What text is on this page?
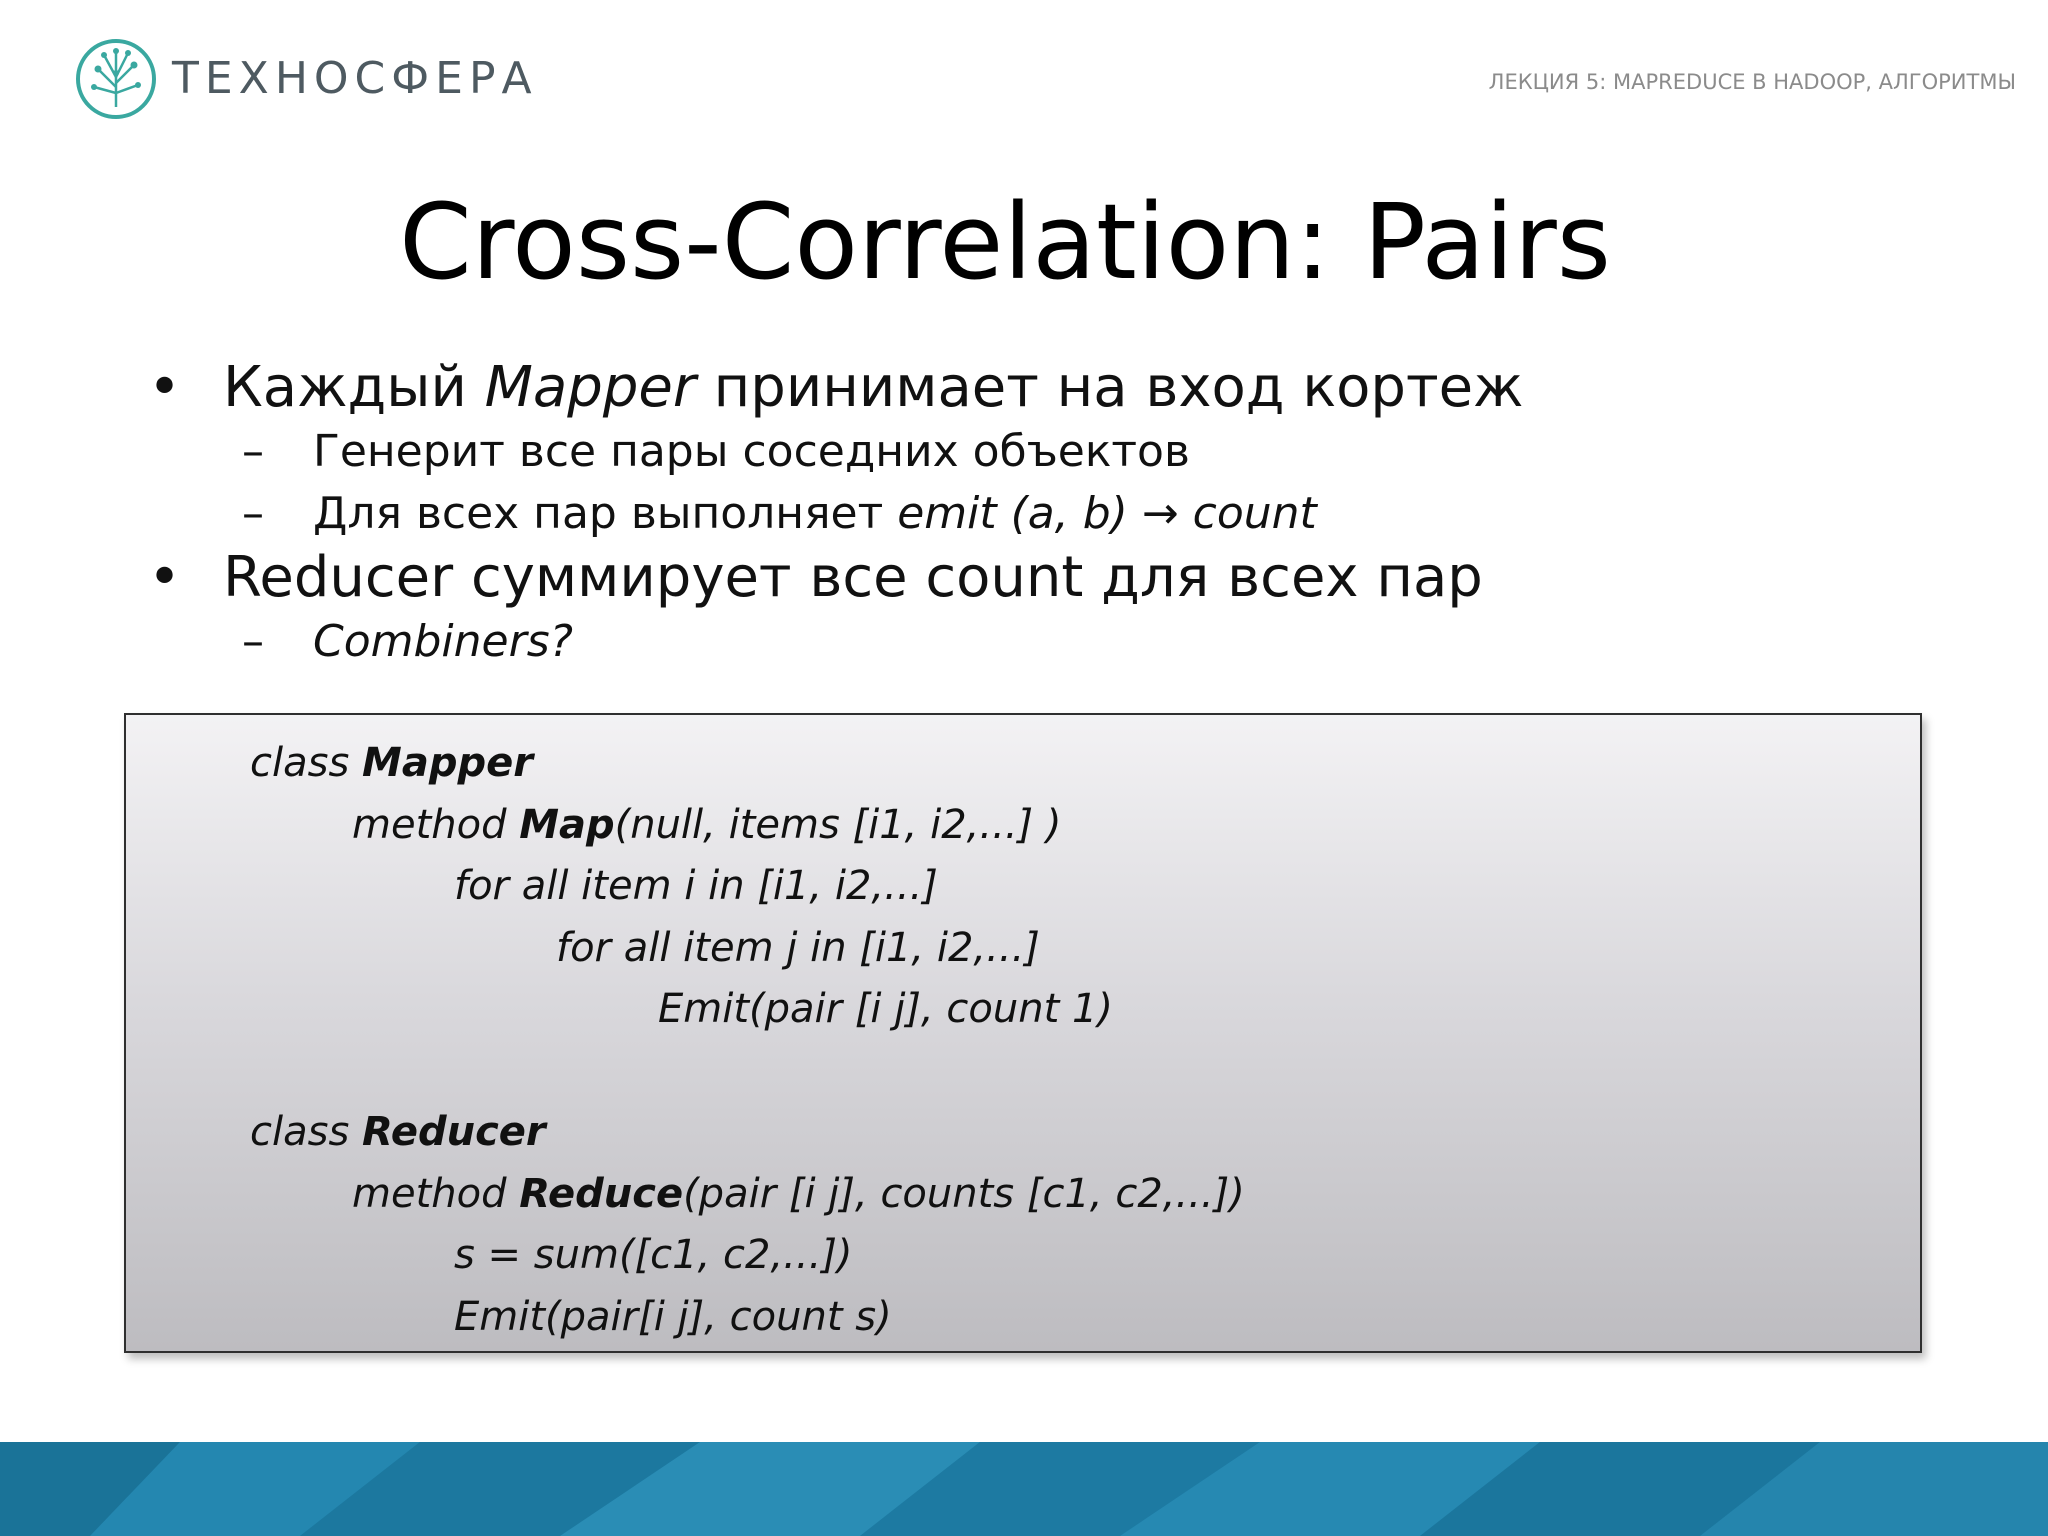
ТЕХНОСФЕРА	ЛЕКЦИЯ 5: MAPREDUCE В HADOOP, АЛГОРИТМЫ
Cross-Correlation: Pairs
• Каждый Mapper принимает на вход кортеж
– Генерит все пары соседних объектов
– Для всех пар выполняет emit (a, b) → count
• Reducer суммирует все count для всех пар
– Combiners?
class Mapper
method Map(null, items [i1, i2,...] )
for all item i in [i1, i2,...]
for all item j in [i1, i2,...]
Emit(pair [i j], count 1)
class Reducer
method Reduce(pair [i j], counts [c1, c2,...])
s = sum([c1, c2,...])
Emit(pair[i j], count s)
